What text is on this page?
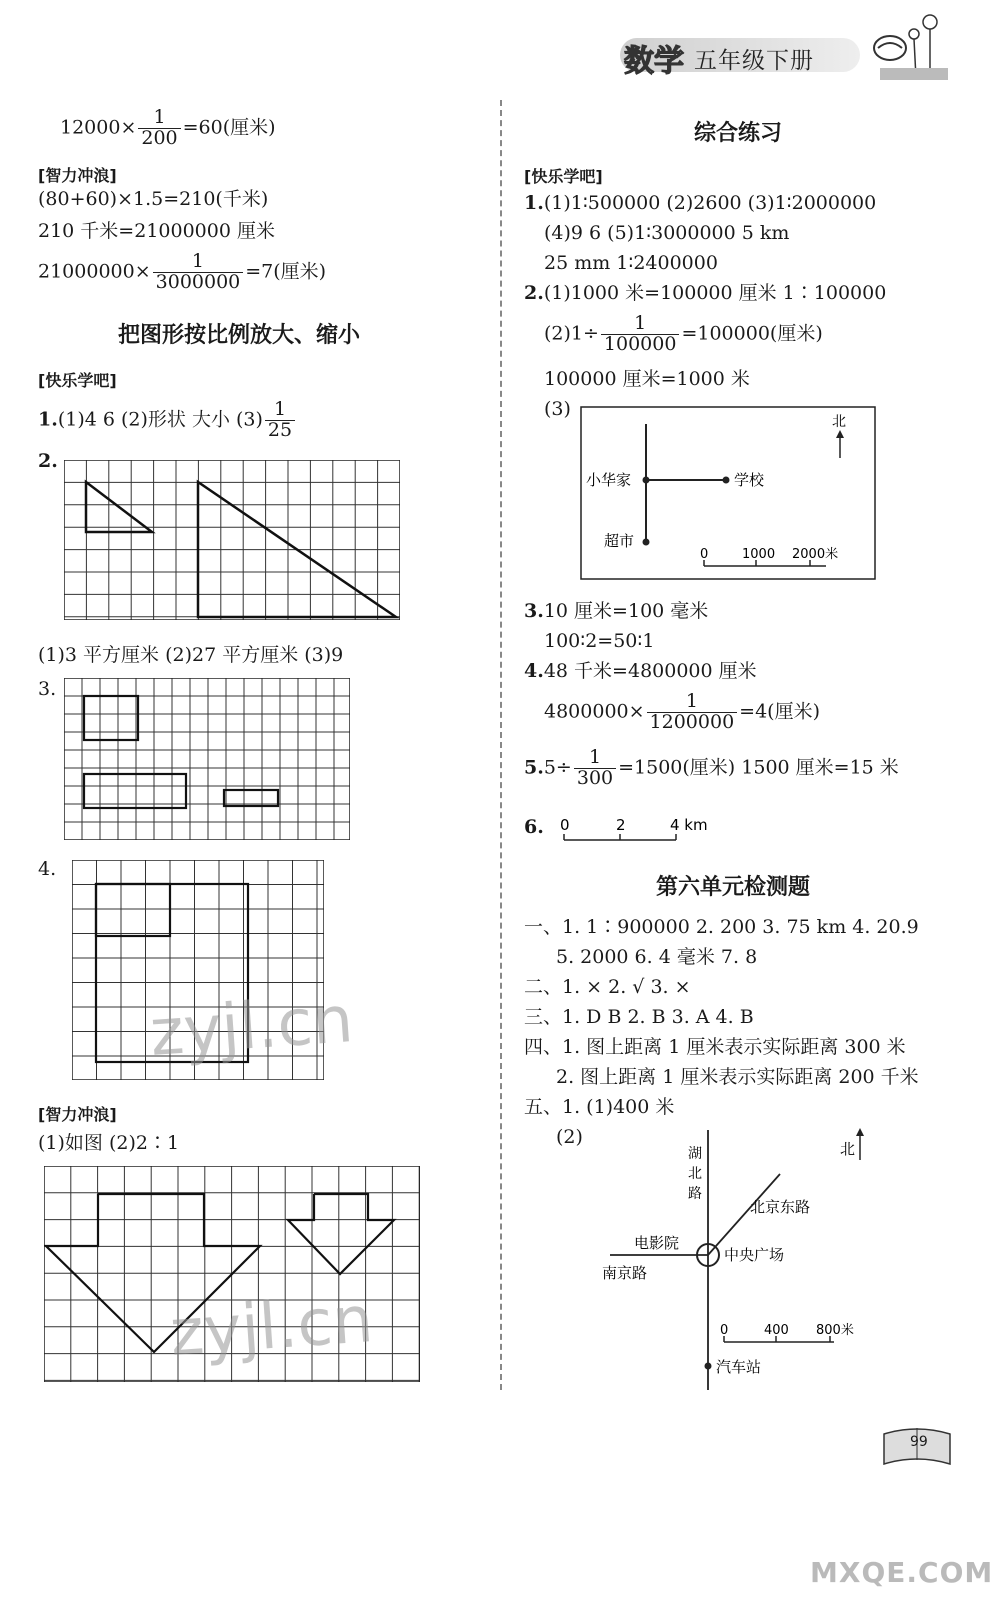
数学 五年级下册
$12000\times \frac{1}{200} =60$(厘米)
[智力冲浪]
(80+60)×1.5=210(千米)
210 千米=21000000 厘米
$21000000\times \frac{1}{3000000} =7$(厘米)
把图形按比例放大、缩小
[快乐学吧]
1.(1)4 6 (2)形状 大小 $(3) \frac{1}{25}$
2.
(1)3 平方厘米 (2)27 平方厘米 (3)9
3.
4.
zyjl.cn
[智力冲浪]
(1)如图 (2)2∶1
zyjl.cn
综合练习
[快乐学吧]
1.(1)1∶500000 (2)2600 (3)1∶2000000
(4)9 6 (5)1∶3000000 5 km
25 mm 1∶2400000
2.(1)1000 米=100000 厘米 1∶100000
$(2)1\div \frac{1}{100000} =100000$(厘米)
100000 厘米=1000 米
(3)
北
小华家	学校
超市
0	1000 2000米
3.10 厘米=100 毫米
100∶2=50∶1
4.48 千米=4800000 厘米
$4800000\times \frac{1}{1200000} =4$(厘米)
$5.5\div \frac{1}{300} =1500$(厘米) 1500 厘米=15 米
6. 0	2	4 km
第六单元检测题
一、1. 1∶900000 2. 200 3. 75 km 4. 20.9
5. 2000 6. 4 毫米 7. 8
二、1. × 2. √ 3. ×
三、1. D B 2. B 3. A 4. B
四、1. 图上距离 1 厘米表示实际距离 300 米
2. 图上距离 1 厘米表示实际距离 200 千米
五、1. (1)400 米
(2)
北
湖
北
路
北京东路
电影院
中央广场
南京路
汽车站
0	400 800米
99
MXQE.COM
